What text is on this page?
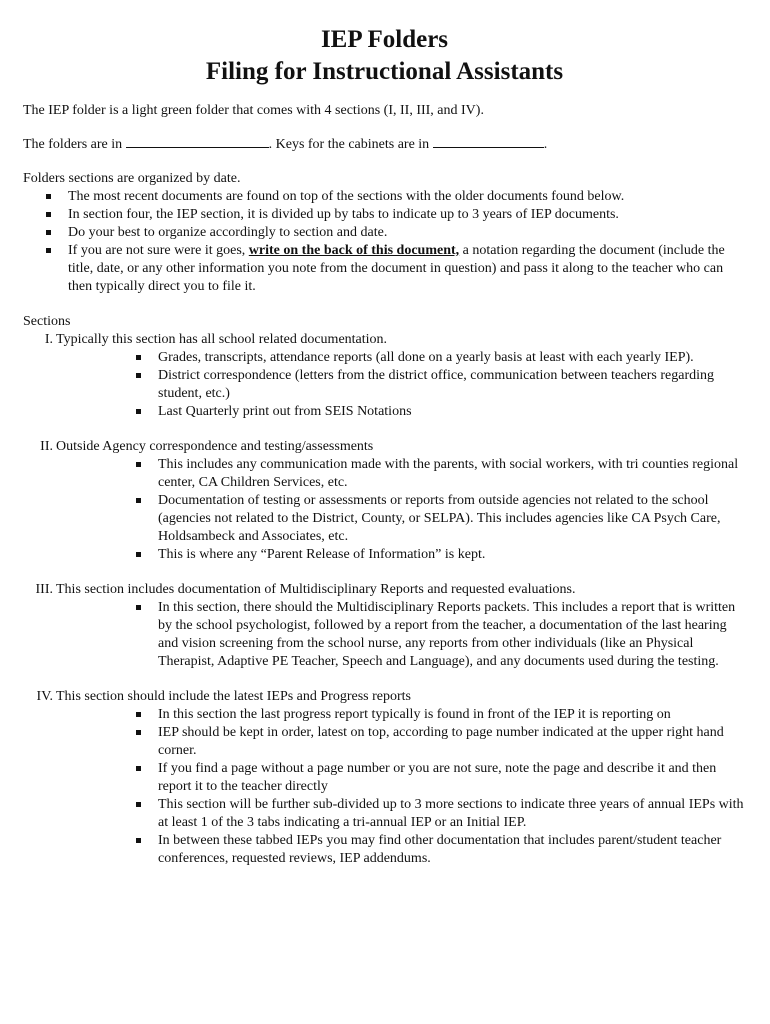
IEP Folders
Filing for Instructional Assistants

The IEP folder is a light green folder that comes with 4 sections (I, II, III, and IV).

The folders are in	. Keys for the cabinets are in	.

Folders sections are organized by date.

The most recent documents are found on top of the sections with the older documents found below.
In section four, the IEP section, it is divided up by tabs to indicate up to 3 years of IEP documents.
Do your best to organize accordingly to section and date.
If you are not sure were it goes, write on the back of this document, a notation regarding the document (include the title, date, or any other information you note from the document in question) and pass it along to the teacher who can then typically direct you to file it.

Sections

I . Typically this section has all school related documentation.
Grades, transcripts, attendance reports (all done on a yearly basis at least with each yearly IEP).
District correspondence (letters from the district office, communication between teachers regarding student, etc.)
Last Quarterly print out from SEIS Notations
II . Outside Agency correspondence and testing/assessments
This includes any communication made with the parents, with social workers, with tri counties regional center, CA Children Services, etc.
Documentation of testing or assessments or reports from outside agencies not related to the school (agencies not related to the District, County, or SELPA). This includes agencies like CA Psych Care, Holdsambeck and Associates, etc.
This is where any “Parent Release of Information” is kept.
III . This section includes documentation of Multidisciplinary Reports and requested evaluations.
In this section, there should the Multidisciplinary Reports packets. This includes a report that is written by the school psychologist, followed by a report from the teacher, a documentation of the last hearing and vision screening from the school nurse, any reports from other individuals (like an Physical Therapist, Adaptive PE Teacher, Speech and Language), and any documents used during the testing.
IV . This section should include the latest IEPs and Progress reports
In this section the last progress report typically is found in front of the IEP it is reporting on
IEP should be kept in order, latest on top, according to page number indicated at the upper right hand corner.
If you find a page without a page number or you are not sure, note the page and describe it and then report it to the teacher directly
This section will be further sub-divided up to 3 more sections to indicate three years of annual IEPs with at least 1 of the 3 tabs indicating a tri-annual IEP or an Initial IEP.
In between these tabbed IEPs you may find other documentation that includes parent/student teacher conferences, requested reviews, IEP addendums.
